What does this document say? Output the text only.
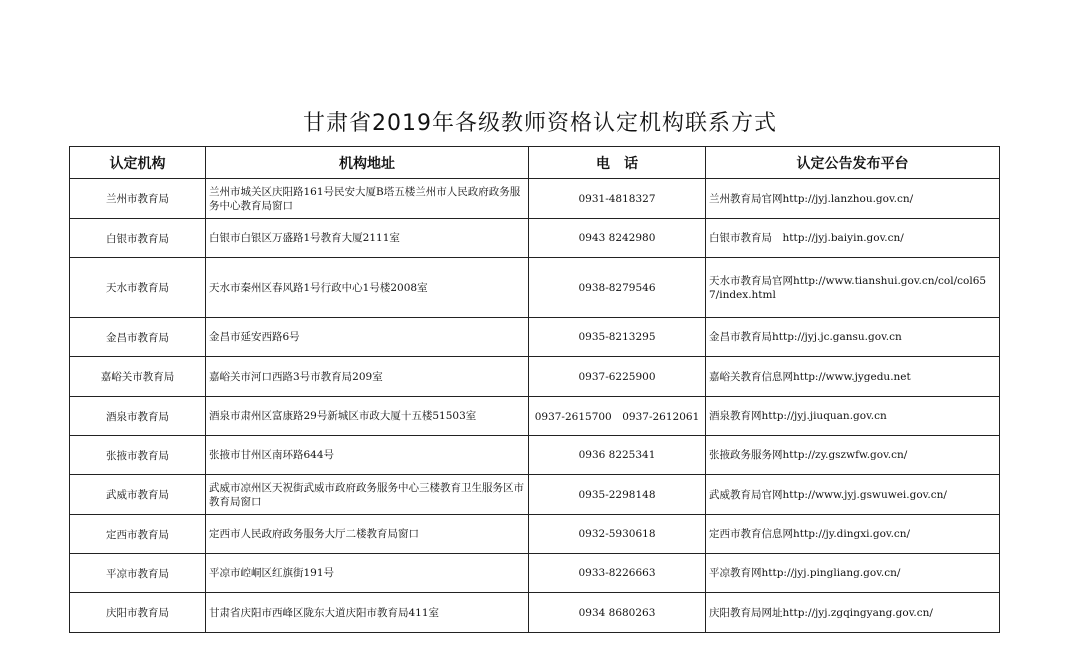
甘肃省2019年各级教师资格认定机构联系方式
认定机构	机构地址	电　话	认定公告发布平台
兰州市教育局	兰州市城关区庆阳路161号民安大厦B塔五楼兰州市人民政府政务服务中心教育局窗口	0931-4818327	兰州教育局官网http://jyj.lanzhou.gov.cn/
白银市教育局	白银市白银区万盛路1号教育大厦2111室	0943 8242980	白银市教育局　http://jyj.baiyin.gov.cn/
天水市教育局	天水市秦州区春风路1号行政中心1号楼2008室	0938-8279546	天水市教育局官网http://www.tianshui.gov.cn/col/col657/index.html
金昌市教育局	金昌市延安西路6号	0935-8213295	金昌市教育局http://jyj.jc.gansu.gov.cn
嘉峪关市教育局	嘉峪关市河口西路3号市教育局209室	0937-6225900	嘉峪关教育信息网http://www.jygedu.net
酒泉市教育局	酒泉市肃州区富康路29号新城区市政大厦十五楼51503室	0937-2615700　0937-2612061	酒泉教育网http://jyj.jiuquan.gov.cn
张掖市教育局	张掖市甘州区南环路644号	0936 8225341	张掖政务服务网http://zy.gszwfw.gov.cn/
武威市教育局	武威市凉州区天祝街武威市政府政务服务中心三楼教育卫生服务区市教育局窗口	0935-2298148	武威教育局官网http://www.jyj.gswuwei.gov.cn/
定西市教育局	定西市人民政府政务服务大厅二楼教育局窗口	0932-5930618	定西市教育信息网http://jy.dingxi.gov.cn/
平凉市教育局	平凉市崆峒区红旗街191号	0933-8226663	平凉教育网http://jyj.pingliang.gov.cn/
庆阳市教育局	甘肃省庆阳市西峰区陇东大道庆阳市教育局411室	0934 8680263	庆阳教育局网址http://jyj.zgqingyang.gov.cn/
